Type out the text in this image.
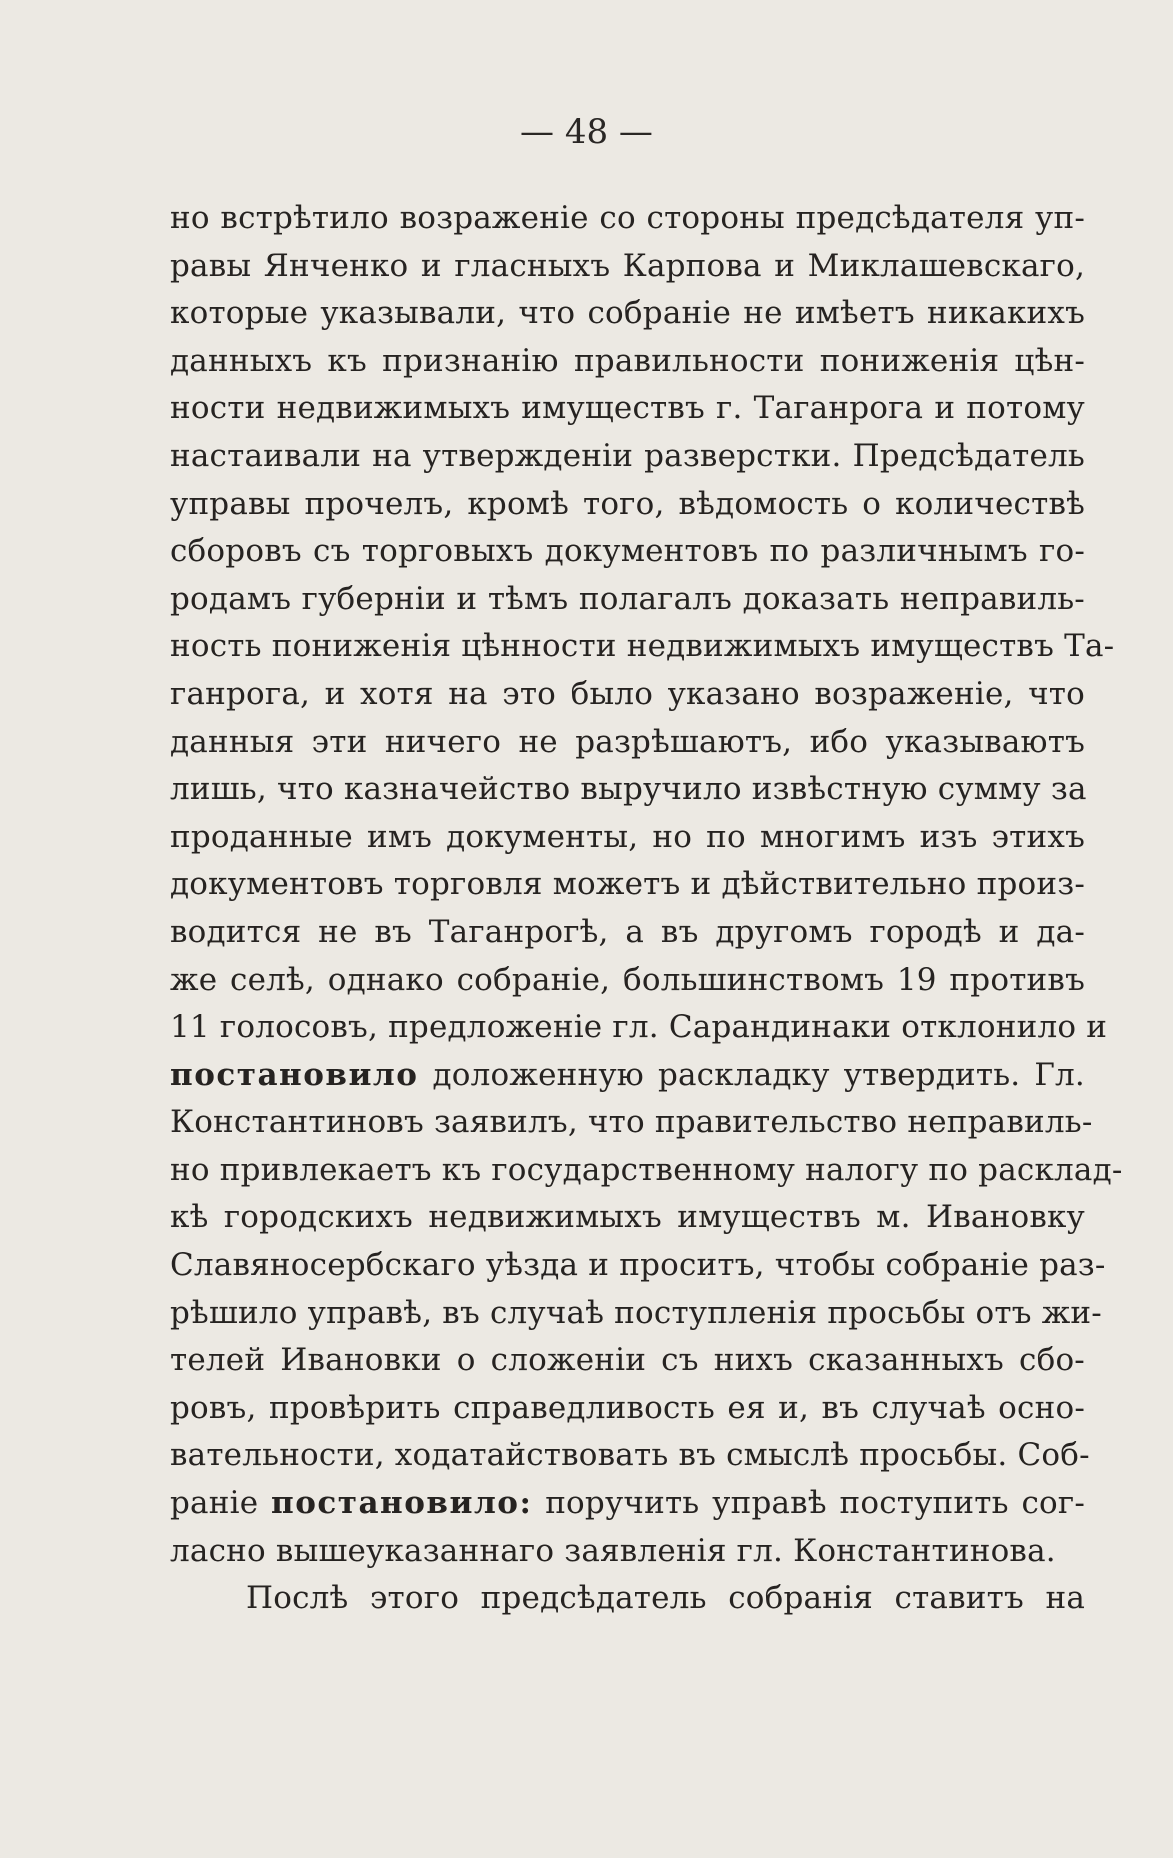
— 48 —
но встрѣтило возраженіе со стороны предсѣдателя уп-
равы Янченко и гласныхъ Карпова и Миклашевскаго,
которые указывали, что собраніе не имѣетъ никакихъ
данныхъ къ признанію правильности пониженія цѣн-
ности недвижимыхъ имуществъ г. Таганрога и потому
настаивали на утвержденіи разверстки. Предсѣдатель
управы прочелъ, кромѣ того, вѣдомость о количествѣ
сборовъ съ торговыхъ документовъ по различнымъ го-
родамъ губерніи и тѣмъ полагалъ доказать неправиль-
ность пониженія цѣнности недвижимыхъ имуществъ Та-
ганрога, и хотя на это было указано возраженіе, что
данныя эти ничего не разрѣшаютъ, ибо указываютъ
лишь, что казначейство выручило извѣстную сумму за
проданные имъ документы, но по многимъ изъ этихъ
документовъ торговля можетъ и дѣйствительно произ-
водится не въ Таганрогѣ, а въ другомъ городѣ и да-
же селѣ, однако собраніе, большинствомъ 19 противъ
11 голосовъ, предложеніе гл. Сарандинаки отклонило и
постановило доложенную раскладку утвердить. Гл.
Константиновъ заявилъ, что правительство неправиль-
но привлекаетъ къ государственному налогу по расклад-
кѣ городскихъ недвижимыхъ имуществъ м. Ивановку
Славяносербскаго уѣзда и проситъ, чтобы собраніе раз-
рѣшило управѣ, въ случаѣ поступленія просьбы отъ жи-
телей Ивановки о сложеніи съ нихъ сказанныхъ сбо-
ровъ, провѣрить справедливость ея и, въ случаѣ осно-
вательности, ходатайствовать въ смыслѣ просьбы. Соб-
раніе постановило: поручить управѣ поступить сог-
ласно вышеуказаннаго заявленія гл. Константинова.
Послѣ этого предсѣдатель собранія ставитъ на
